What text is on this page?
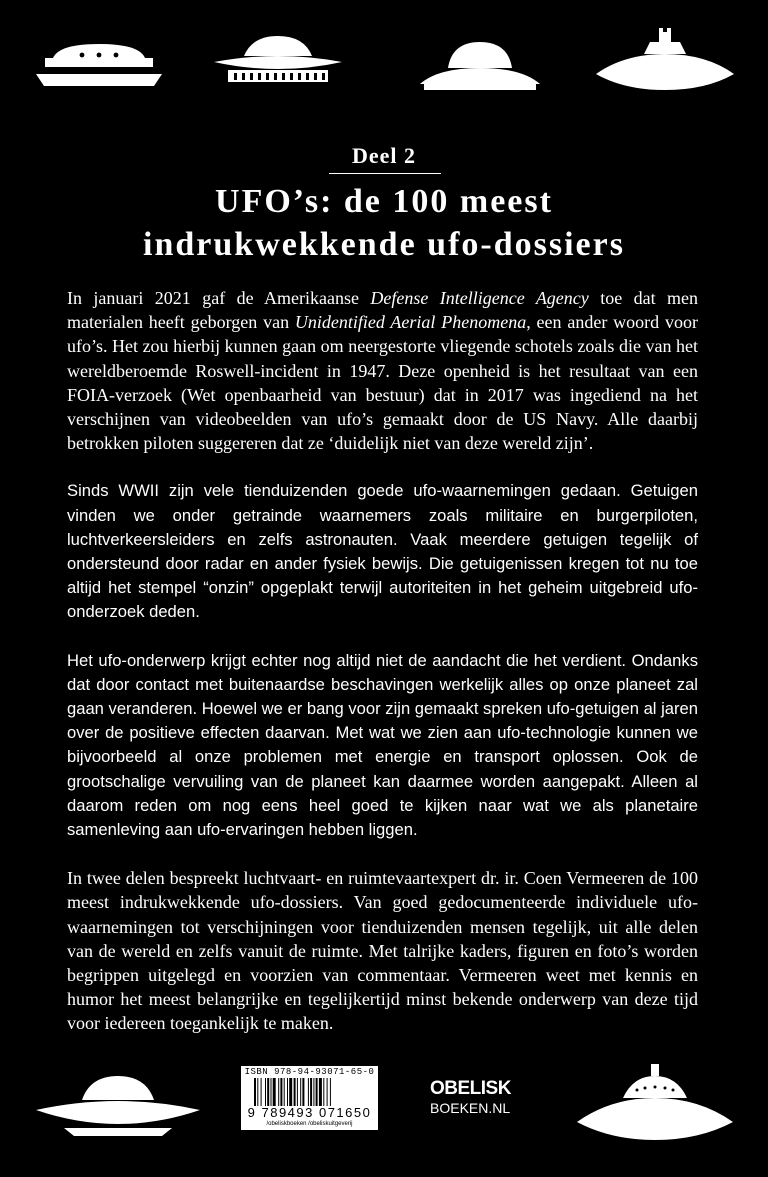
Deel 2
UFO’s: de 100 meest
indrukwekkende ufo-dossiers

In januari 2021 gaf de Amerikaanse Defense Intelligence Agency toe dat men materialen heeft geborgen van Unidentified Aerial Phenomena, een ander woord voor ufo’s. Het zou hierbij kunnen gaan om neergestorte vliegende schotels zoals die van het wereldberoemde Roswell-incident in 1947. Deze openheid is het resultaat van een FOIA-verzoek (Wet openbaarheid van bestuur) dat in 2017 was ingediend na het verschijnen van videobeelden van ufo’s gemaakt door de US Navy. Alle daarbij betrokken piloten suggereren dat ze ‘duidelijk niet van deze wereld zijn’.

Sinds WWII zijn vele tienduizenden goede ufo-waarnemingen gedaan. Getuigen vinden we onder getrainde waarnemers zoals militaire en burgerpiloten, luchtverkeersleiders en zelfs astronauten. Vaak meerdere getuigen tegelijk of ondersteund door radar en ander fysiek bewijs. Die getuigenissen kregen tot nu toe altijd het stempel “onzin” opgeplakt terwijl autoriteiten in het geheim uitgebreid ufo-onderzoek deden.

Het ufo-onderwerp krijgt echter nog altijd niet de aandacht die het verdient. Ondanks dat door contact met buitenaardse beschavingen werkelijk alles op onze planeet zal gaan veranderen. Hoewel we er bang voor zijn gemaakt spreken ufo-getuigen al jaren over de positieve effecten daarvan. Met wat we zien aan ufo-technologie kunnen we bijvoorbeeld al onze problemen met energie en transport oplossen. Ook de grootschalige vervuiling van de planeet kan daarmee worden aangepakt. Alleen al daarom reden om nog eens heel goed te kijken naar wat we als planetaire samenleving aan ufo-ervaringen hebben liggen.

In twee delen bespreekt luchtvaart- en ruimtevaartexpert dr. ir. Coen Vermeeren de 100 meest indrukwekkende ufo-dossiers. Van goed gedocumenteerde individuele ufo-waarnemingen tot verschijningen voor tienduizenden mensen tegelijk, uit alle delen van de wereld en zelfs vanuit de ruimte. Met talrijke kaders, figuren en foto’s worden begrippen uitgelegd en voorzien van commentaar. Vermeeren weet met kennis en humor het meest belangrijke en tegelijkertijd minst bekende onderwerp van deze tijd voor iedereen toegankelijk te maken.

ISBN 978-94-93071-65-0
9 789493 071650
/obeliskboeken /obeliskuitgeverij
OBELISK
BOEKEN.NL
